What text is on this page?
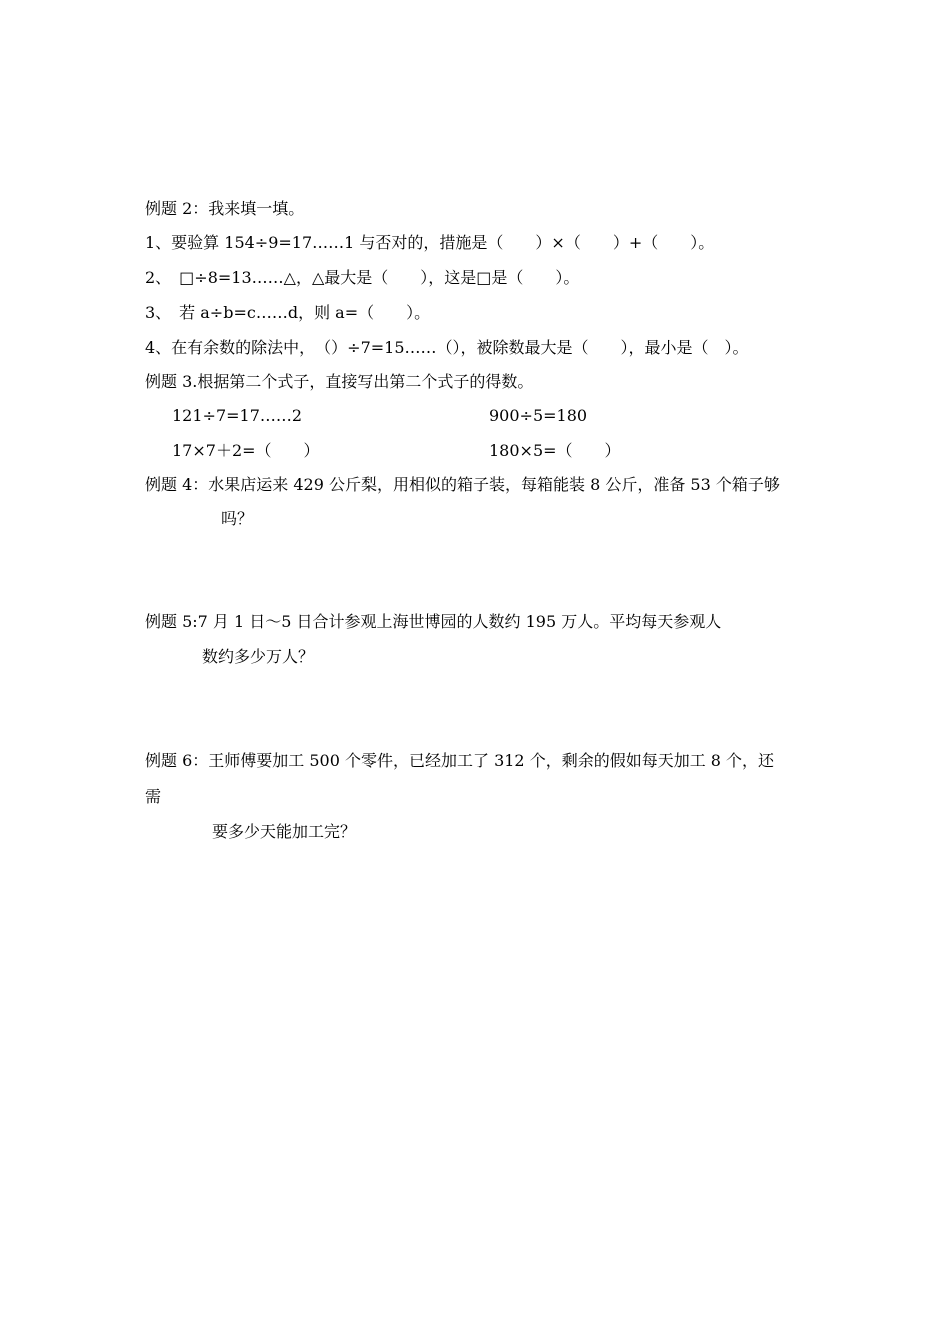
例题 2：我来填一填。
1、要验算 154÷9=17……1 与否对的，措施是（　　）×（　　）+（　　）。
2、　□÷8=13……△，△最大是（　　），这是□是（　　）。
3、　若 a÷b=c……d，则 a=（　　）。
4、在有余数的除法中，　（）÷7=15……（），被除数最大是（　　），最小是（　）。
例题 3.根据第二个式子，直接写出第二个式子的得数。
121÷7=17……2	900÷5=180
17×7＋2=（　　）	180×5=（　　）
例题 4：水果店运来 429 公斤梨，用相似的箱子装，每箱能装 8 公斤，准备 53 个箱子够
吗？
例题 5:7 月 1 日～5 日合计参观上海世博园的人数约 195 万人。平均每天参观人
数约多少万人？
例题 6：王师傅要加工 500 个零件，已经加工了 312 个，剩余的假如每天加工 8 个，还
需
要多少天能加工完？
